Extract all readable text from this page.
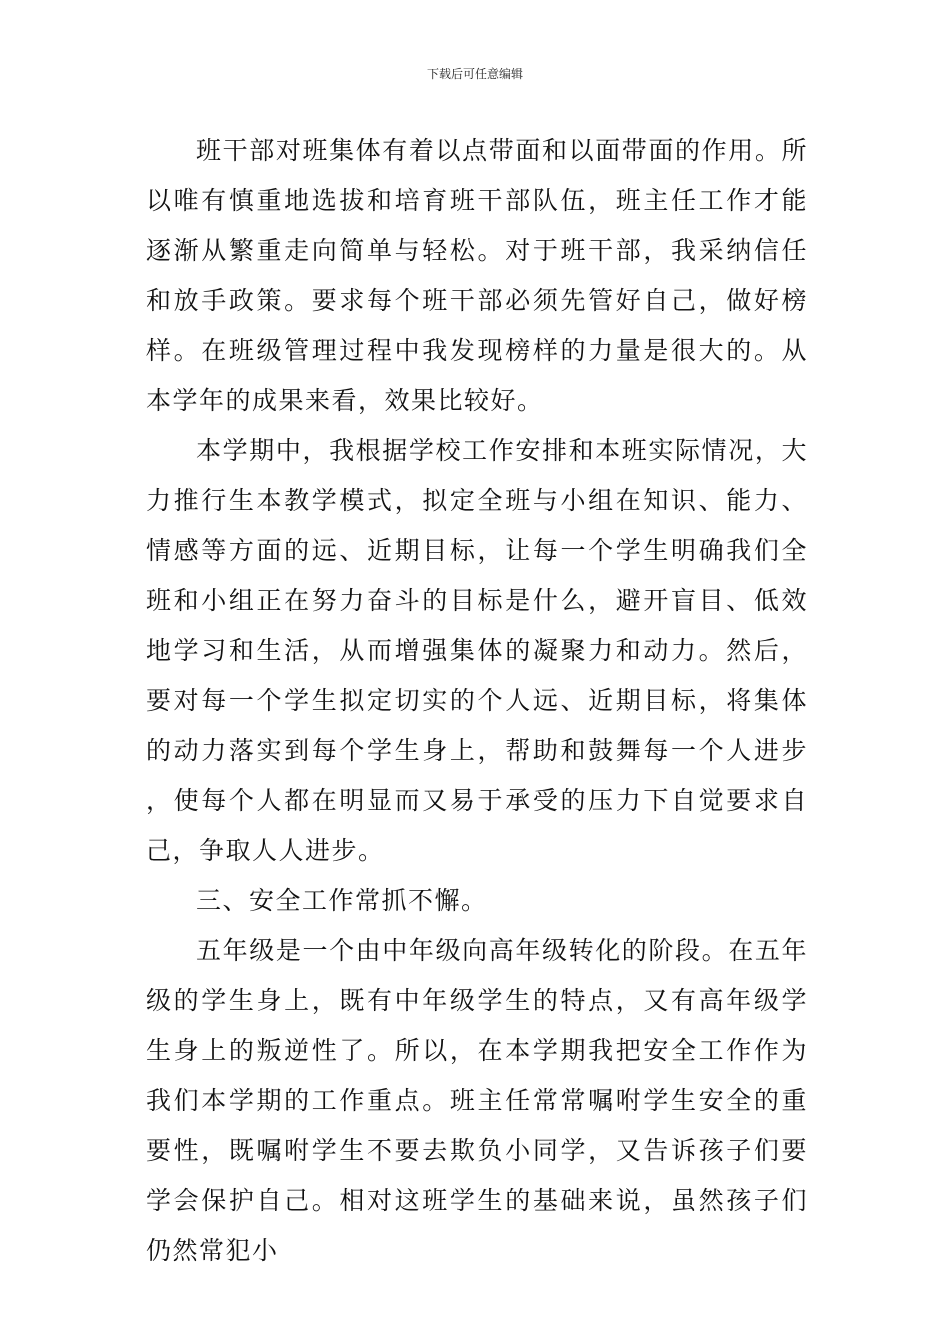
下载后可任意编辑

班干部对班集体有着以点带面和以面带面的作用。所以唯有慎重地选拔和培育班干部队伍，班主任工作才能逐渐从繁重走向简单与轻松。对于班干部，我采纳信任和放手政策。要求每个班干部必须先管好自己，做好榜样。在班级管理过程中我发现榜样的力量是很大的。从本学年的成果来看，效果比较好。

本学期中，我根据学校工作安排和本班实际情况，大力推行生本教学模式，拟定全班与小组在知识、能力、情感等方面的远、近期目标，让每一个学生明确我们全班和小组正在努力奋斗的目标是什么，避开盲目、低效地学习和生活，从而增强集体的凝聚力和动力。然后，要对每一个学生拟定切实的个人远、近期目标，将集体的动力落实到每个学生身上，帮助和鼓舞每一个人进步，使每个人都在明显而又易于承受的压力下自觉要求自己，争取人人进步。

三、安全工作常抓不懈。

五年级是一个由中年级向高年级转化的阶段。在五年级的学生身上，既有中年级学生的特点，又有高年级学生身上的叛逆性了。所以，在本学期我把安全工作作为我们本学期的工作重点。班主任常常嘱咐学生安全的重要性，既嘱咐学生不要去欺负小同学，又告诉孩子们要学会保护自己。相对这班学生的基础来说，虽然孩子们仍然常犯小
